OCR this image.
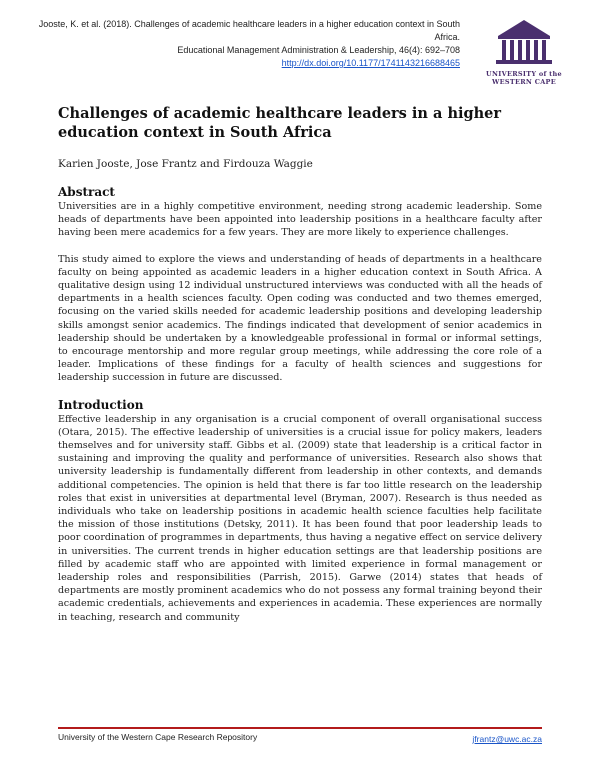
Jooste, K. et al. (2018). Challenges of academic healthcare leaders in a higher education context in South Africa.
Educational Management Administration & Leadership, 46(4): 692–708
http://dx.doi.org/10.1177/1741143216688465
UNIVERSITY of the
WESTERN CAPE
Challenges of academic healthcare leaders in a higher education context in South Africa
Karien Jooste, Jose Frantz and Firdouza Waggie
Abstract

Universities are in a highly competitive environment, needing strong academic leadership. Some heads of departments have been appointed into leadership positions in a healthcare faculty after having been mere academics for a few years. They are more likely to experience challenges.

This study aimed to explore the views and understanding of heads of departments in a healthcare faculty on being appointed as academic leaders in a higher education context in South Africa. A qualitative design using 12 individual unstructured interviews was conducted with all the heads of departments in a health sciences faculty. Open coding was conducted and two themes emerged, focusing on the varied skills needed for academic leadership positions and developing leadership skills amongst senior academics. The findings indicated that development of senior academics in leadership should be undertaken by a knowledgeable professional in formal or informal settings, to encourage mentorship and more regular group meetings, while addressing the core role of a leader. Implications of these findings for a faculty of health sciences and suggestions for leadership succession in future are discussed.

Introduction

Effective leadership in any organisation is a crucial component of overall organisational success (Otara, 2015). The effective leadership of universities is a crucial issue for policy makers, leaders themselves and for university staff. Gibbs et al. (2009) state that leadership is a critical factor in sustaining and improving the quality and performance of universities. Research also shows that university leadership is fundamentally different from leadership in other contexts, and demands additional competencies. The opinion is held that there is far too little research on the leadership roles that exist in universities at departmental level (Bryman, 2007). Research is thus needed as individuals who take on leadership positions in academic health science faculties help facilitate the mission of those institutions (Detsky, 2011). It has been found that poor leadership leads to poor coordination of programmes in departments, thus having a negative effect on service delivery in universities. The current trends in higher education settings are that leadership positions are filled by academic staff who are appointed with limited experience in formal management or leadership roles and responsibilities (Parrish, 2015). Garwe (2014) states that heads of departments are mostly prominent academics who do not possess any formal training beyond their academic credentials, achievements and experiences in academia. These experiences are normally in teaching, research and community

University of the Western Cape Research Repository	jfrantz@uwc.ac.za
